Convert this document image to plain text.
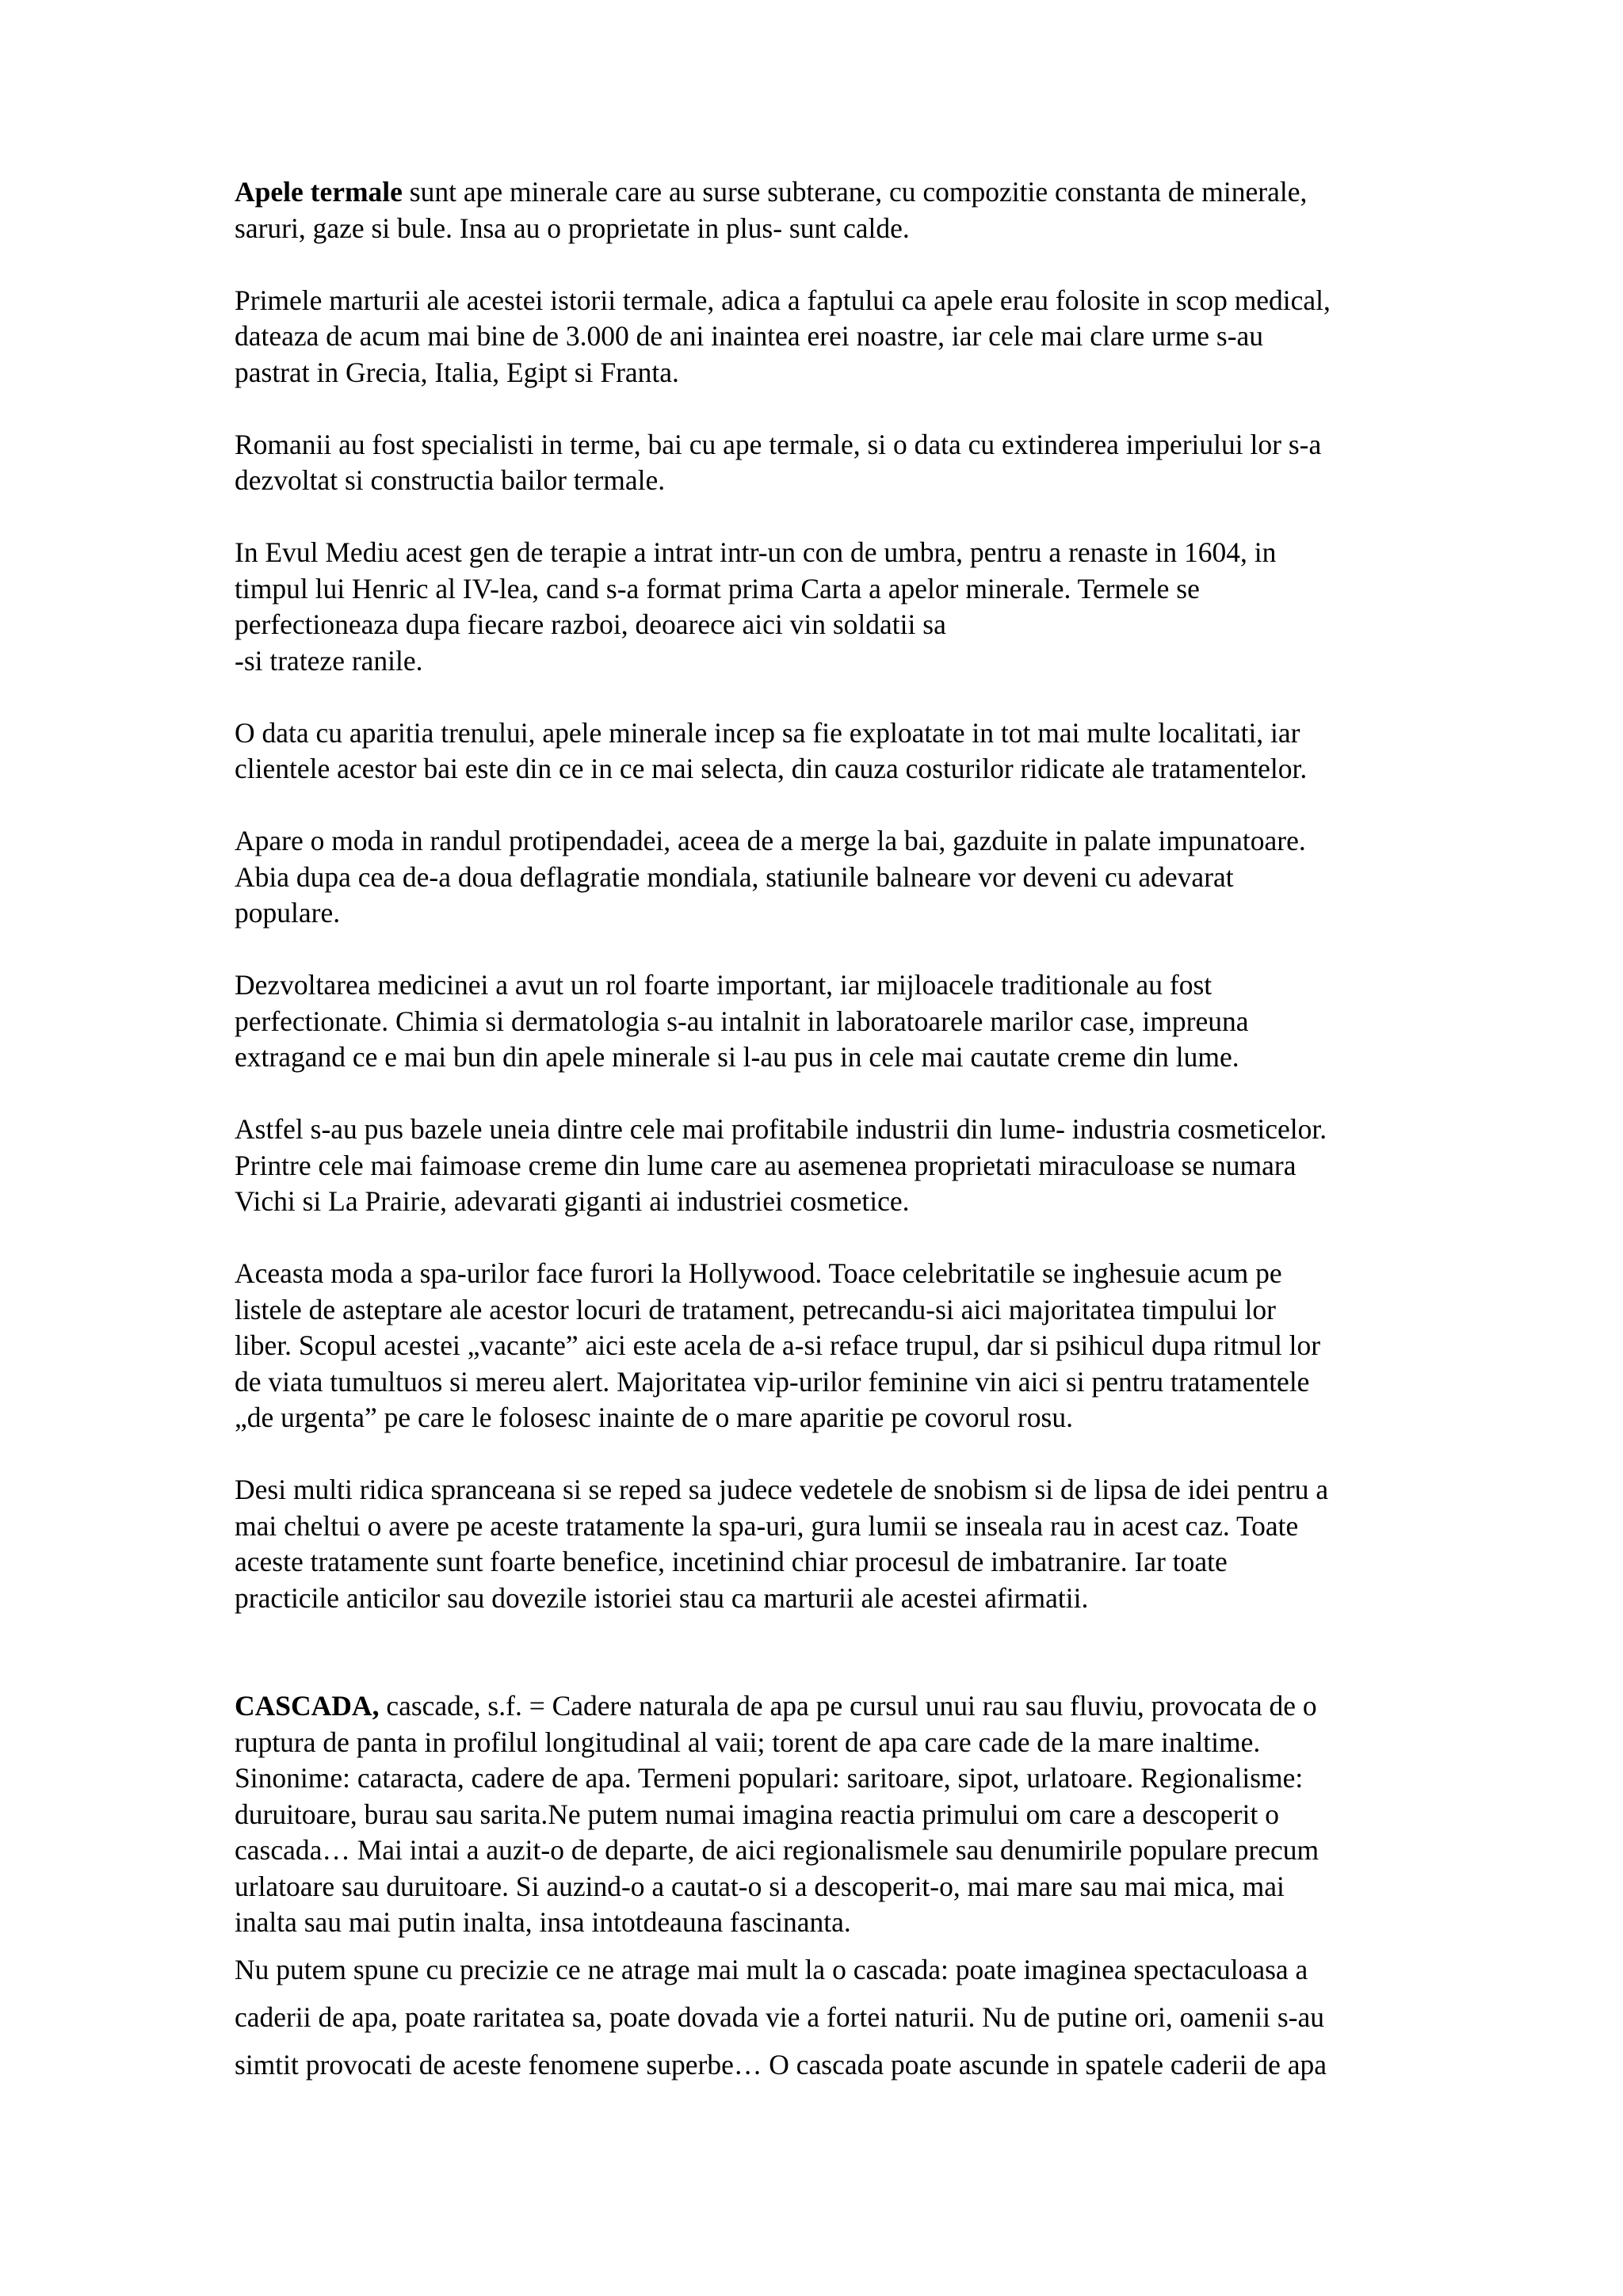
Apele termale sunt ape minerale care au surse subterane, cu compozitie constanta de minerale,
saruri, gaze si bule. Insa au o proprietate in plus- sunt calde.
Primele marturii ale acestei istorii termale, adica a faptului ca apele erau folosite in scop medical,
dateaza de acum mai bine de 3.000 de ani inaintea erei noastre, iar cele mai clare urme s-au
pastrat in Grecia, Italia, Egipt si Franta.
Romanii au fost specialisti in terme, bai cu ape termale, si o data cu extinderea imperiului lor s-a
dezvoltat si constructia bailor termale.
In Evul Mediu acest gen de terapie a intrat intr-un con de umbra, pentru a renaste in 1604, in
timpul lui Henric al IV-lea, cand s-a format prima Carta a apelor minerale. Termele se
perfectioneaza dupa fiecare razboi, deoarece aici vin soldatii sa
-si trateze ranile.
O data cu aparitia trenului, apele minerale incep sa fie exploatate in tot mai multe localitati, iar
clientele acestor bai este din ce in ce mai selecta, din cauza costurilor ridicate ale tratamentelor.
Apare o moda in randul protipendadei, aceea de a merge la bai, gazduite in palate impunatoare.
Abia dupa cea de-a doua deflagratie mondiala, statiunile balneare vor deveni cu adevarat
populare.
Dezvoltarea medicinei a avut un rol foarte important, iar mijloacele traditionale au fost
perfectionate. Chimia si dermatologia s-au intalnit in laboratoarele marilor case, impreuna
extragand ce e mai bun din apele minerale si l-au pus in cele mai cautate creme din lume.
Astfel s-au pus bazele uneia dintre cele mai profitabile industrii din lume- industria cosmeticelor.
Printre cele mai faimoase creme din lume care au asemenea proprietati miraculoase se numara
Vichi si La Prairie, adevarati giganti ai industriei cosmetice.
Aceasta moda a spa-urilor face furori la Hollywood. Toace celebritatile se inghesuie acum pe
listele de asteptare ale acestor locuri de tratament, petrecandu-si aici majoritatea timpului lor
liber. Scopul acestei „vacante” aici este acela de a-si reface trupul, dar si psihicul dupa ritmul lor
de viata tumultuos si mereu alert. Majoritatea vip-urilor feminine vin aici si pentru tratamentele
„de urgenta” pe care le folosesc inainte de o mare aparitie pe covorul rosu.
Desi multi ridica spranceana si se reped sa judece vedetele de snobism si de lipsa de idei pentru a
mai cheltui o avere pe aceste tratamente la spa-uri, gura lumii se inseala rau in acest caz. Toate
aceste tratamente sunt foarte benefice, incetinind chiar procesul de imbatranire. Iar toate
practicile anticilor sau dovezile istoriei stau ca marturii ale acestei afirmatii.
CASCADA, cascade, s.f. = Cadere naturala de apa pe cursul unui rau sau fluviu, provocata de o
ruptura de panta in profilul longitudinal al vaii; torent de apa care cade de la mare inaltime.
Sinonime: cataracta, cadere de apa. Termeni populari: saritoare, sipot, urlatoare. Regionalisme:
duruitoare, burau sau sarita.Ne putem numai imagina reactia primului om care a descoperit o
cascada… Mai intai a auzit-o de departe, de aici regionalismele sau denumirile populare precum
urlatoare sau duruitoare. Si auzind-o a cautat-o si a descoperit-o, mai mare sau mai mica, mai
inalta sau mai putin inalta, insa intotdeauna fascinanta.
Nu putem spune cu precizie ce ne atrage mai mult la o cascada: poate imaginea spectaculoasa a
caderii de apa, poate raritatea sa, poate dovada vie a fortei naturii. Nu de putine ori, oamenii s-au
simtit provocati de aceste fenomene superbe… O cascada poate ascunde in spatele caderii de apa
